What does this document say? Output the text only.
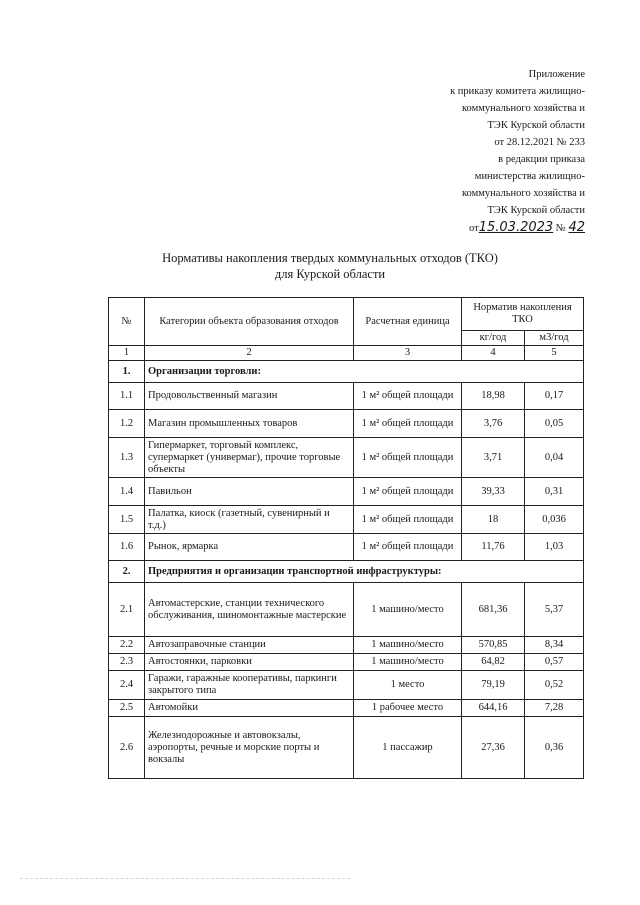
Приложение
к приказу комитета жилищно-
коммунального хозяйства и
ТЭК Курской области
от 28.12.2021 № 233
в редакции приказа
министерства жилищно-
коммунального хозяйства и
ТЭК Курской области
от15.03.2023 № 42
Нормативы накопления твердых коммунальных отходов (ТКО)
для Курской области
№	Категории объекта образования отходов	Расчетная единица	Норматив накопления ТКО	
			кг/год	м3/год
1	2	3	4	5
1.	Организации торговли:			
1.1	Продовольственный магазин	1 м² общей площади	18,98	0,17
1.2	Магазин промышленных товаров	1 м² общей площади	3,76	0,05
1.3	Гипермаркет, торговый комплекс, супермаркет (универмаг), прочие торговые объекты	1 м² общей площади	3,71	0,04
1.4	Павильон	1 м² общей площади	39,33	0,31
1.5	Палатка, киоск (газетный, сувенирный и т.д.)	1 м² общей площади	18	0,036
1.6	Рынок, ярмарка	1 м² общей площади	11,76	1,03
2.	Предприятия и организации транспортной инфраструктуры:			
2.1	Автомастерские, станции технического обслуживания, шиномонтажные мастерские	1 машино/место	681,36	5,37
2.2	Автозаправочные станции	1 машино/место	570,85	8,34
2.3	Автостоянки, парковки	1 машино/место	64,82	0,57
2.4	Гаражи, гаражные кооперативы, паркинги закрытого типа	1 место	79,19	0,52
2.5	Автомойки	1 рабочее место	644,16	7,28
2.6	Железнодорожные и автовокзалы, аэропорты, речные и морские порты и вокзалы	1 пассажир	27,36	0,36
